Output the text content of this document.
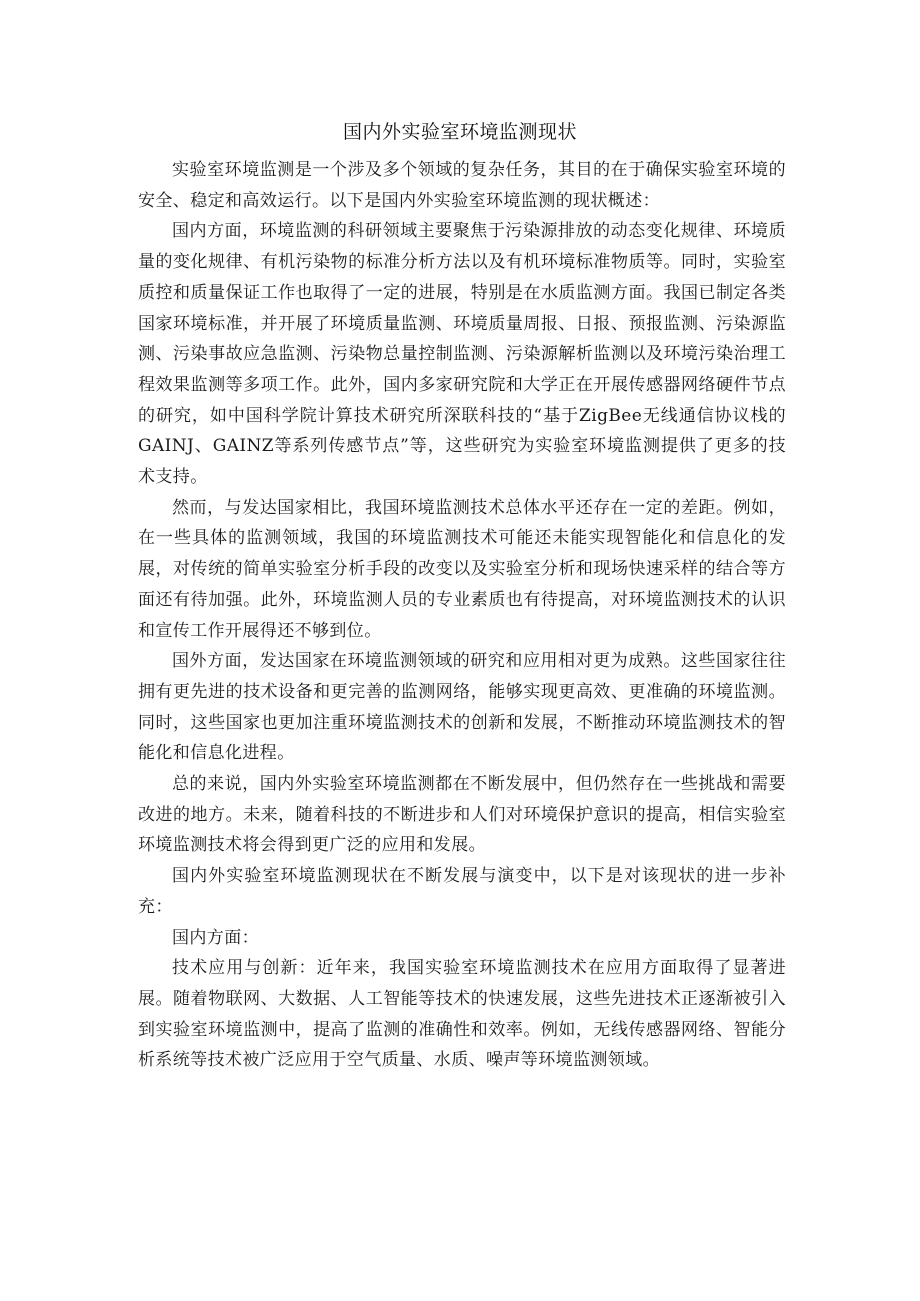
国内外实验室环境监测现状

实验室环境监测是一个涉及多个领域的复杂任务，其目的在于确保实验室环境的安全、稳定和高效运行。以下是国内外实验室环境监测的现状概述：

国内方面，环境监测的科研领域主要聚焦于污染源排放的动态变化规律、环境质量的变化规律、有机污染物的标准分析方法以及有机环境标准物质等。同时，实验室质控和质量保证工作也取得了一定的进展，特别是在水质监测方面。我国已制定各类国家环境标准，并开展了环境质量监测、环境质量周报、日报、预报监测、污染源监测、污染事故应急监测、污染物总量控制监测、污染源解析监测以及环境污染治理工程效果监测等多项工作。此外，国内多家研究院和大学正在开展传感器网络硬件节点的研究，如中国科学院计算技术研究所深联科技的“基于ZigBee无线通信协议栈的GAINJ、GAINZ等系列传感节点”等，这些研究为实验室环境监测提供了更多的技术支持。

然而，与发达国家相比，我国环境监测技术总体水平还存在一定的差距。例如，在一些具体的监测领域，我国的环境监测技术可能还未能实现智能化和信息化的发展，对传统的简单实验室分析手段的改变以及实验室分析和现场快速采样的结合等方面还有待加强。此外，环境监测人员的专业素质也有待提高，对环境监测技术的认识和宣传工作开展得还不够到位。

国外方面，发达国家在环境监测领域的研究和应用相对更为成熟。这些国家往往拥有更先进的技术设备和更完善的监测网络，能够实现更高效、更准确的环境监测。同时，这些国家也更加注重环境监测技术的创新和发展，不断推动环境监测技术的智能化和信息化进程。

总的来说，国内外实验室环境监测都在不断发展中，但仍然存在一些挑战和需要改进的地方。未来，随着科技的不断进步和人们对环境保护意识的提高，相信实验室环境监测技术将会得到更广泛的应用和发展。

国内外实验室环境监测现状在不断发展与演变中，以下是对该现状的进一步补充：

国内方面：

技术应用与创新：近年来，我国实验室环境监测技术在应用方面取得了显著进展。随着物联网、大数据、人工智能等技术的快速发展，这些先进技术正逐渐被引入到实验室环境监测中，提高了监测的准确性和效率。例如，无线传感器网络、智能分析系统等技术被广泛应用于空气质量、水质、噪声等环境监测领域。
